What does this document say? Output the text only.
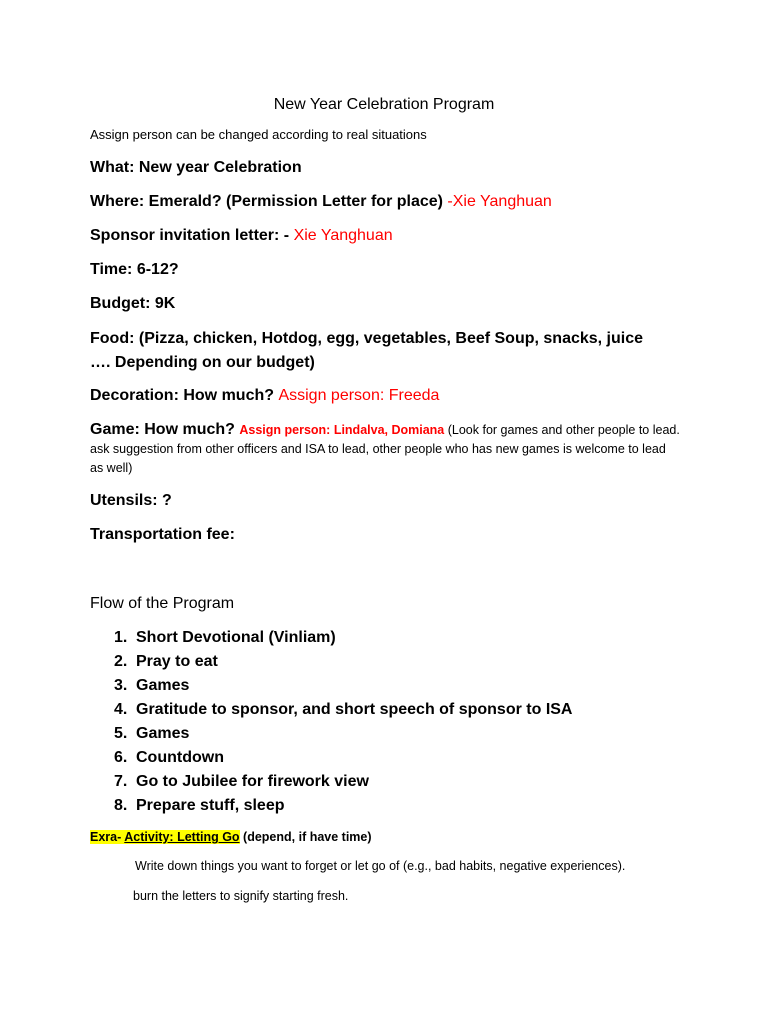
New Year Celebration Program
Assign person can be changed according to real situations
What: New year Celebration
Where: Emerald? (Permission Letter for place) -Xie Yanghuan
Sponsor invitation letter: - Xie Yanghuan
Time: 6-12?
Budget: 9K
Food: (Pizza, chicken, Hotdog, egg, vegetables, Beef Soup, snacks, juice …. Depending on our budget)
Decoration: How much? Assign person: Freeda
Game: How much? Assign person: Lindalva, Domiana (Look for games and other people to lead. ask suggestion from other officers and ISA to lead, other people who has new games is welcome to lead as well)
Utensils: ?
Transportation fee:
Flow of the Program
1. Short Devotional (Vinliam)
2. Pray to eat
3. Games
4. Gratitude to sponsor, and short speech of sponsor to ISA
5. Games
6. Countdown
7. Go to Jubilee for firework view
8. Prepare stuff, sleep
Exra- Activity: Letting Go (depend, if have time)
Write down things you want to forget or let go of (e.g., bad habits, negative experiences).
burn the letters to signify starting fresh.
